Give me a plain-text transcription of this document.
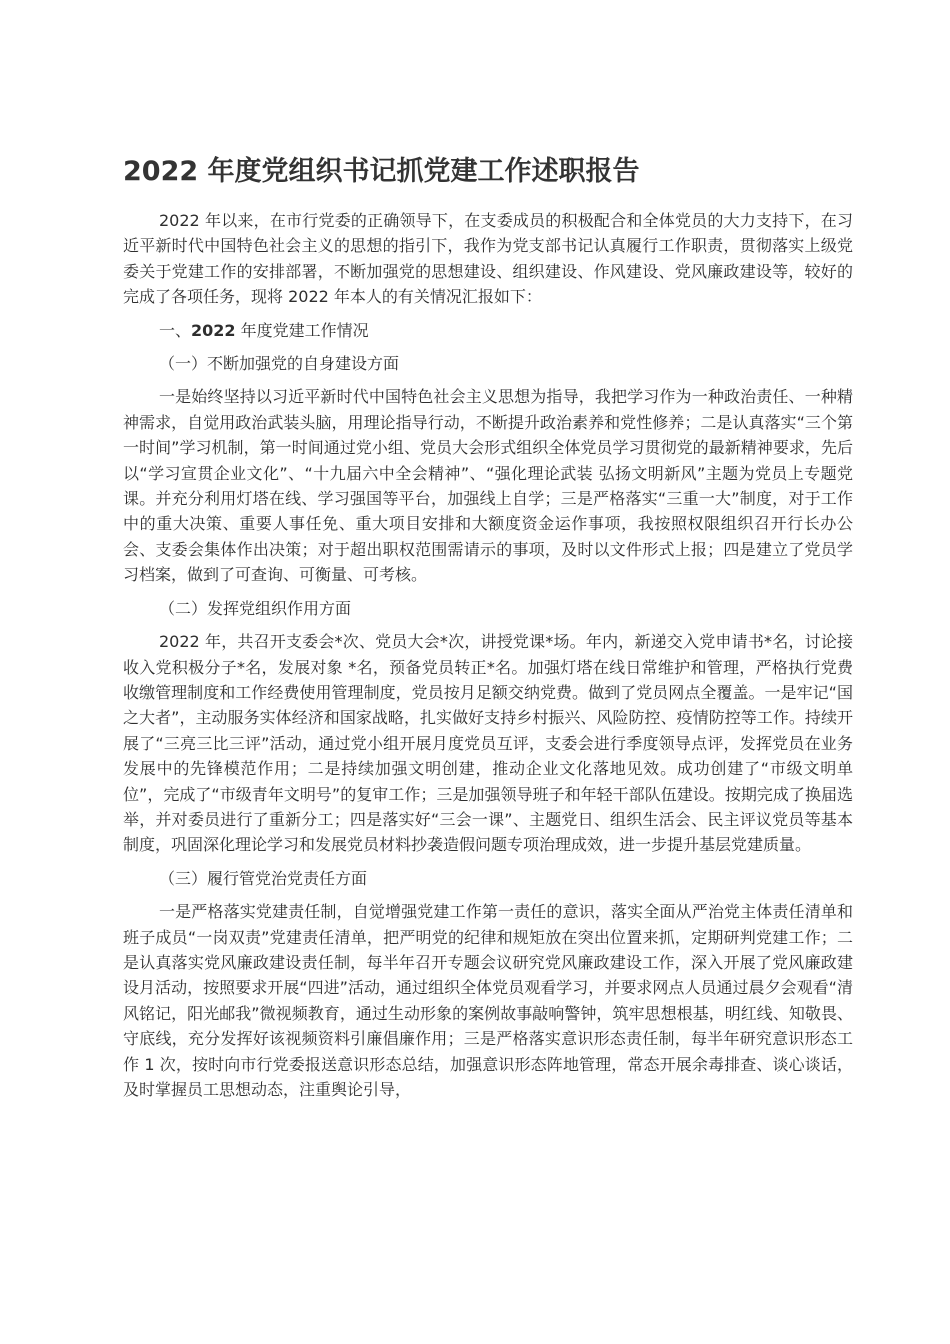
2022 年度党组织书记抓党建工作述职报告

2022 年以来，在市行党委的正确领导下，在支委成员的积极配合和全体党员的大力支持下，在习近平新时代中国特色社会主义的思想的指引下，我作为党支部书记认真履行工作职责，贯彻落实上级党委关于党建工作的安排部署，不断加强党的思想建设、组织建设、作风建设、党风廉政建设等，较好的完成了各项任务，现将 2022 年本人的有关情况汇报如下：

一、2022 年度党建工作情况

（一）不断加强党的自身建设方面

一是始终坚持以习近平新时代中国特色社会主义思想为指导，我把学习作为一种政治责任、一种精神需求，自觉用政治武装头脑，用理论指导行动，不断提升政治素养和党性修养；二是认真落实“三个第一时间”学习机制，第一时间通过党小组、党员大会形式组织全体党员学习贯彻党的最新精神要求，先后以“学习宣贯企业文化”、“十九届六中全会精神”、“强化理论武装 弘扬文明新风”主题为党员上专题党课。并充分利用灯塔在线、学习强国等平台，加强线上自学；三是严格落实“三重一大”制度，对于工作中的重大决策、重要人事任免、重大项目安排和大额度资金运作事项，我按照权限组织召开行长办公会、支委会集体作出决策；对于超出职权范围需请示的事项，及时以文件形式上报；四是建立了党员学习档案，做到了可查询、可衡量、可考核。

（二）发挥党组织作用方面

2022 年，共召开支委会*次、党员大会*次，讲授党课*场。年内，新递交入党申请书*名，讨论接收入党积极分子*名，发展对象 *名，预备党员转正*名。加强灯塔在线日常维护和管理，严格执行党费收缴管理制度和工作经费使用管理制度，党员按月足额交纳党费。做到了党员网点全覆盖。一是牢记“国之大者”，主动服务实体经济和国家战略，扎实做好支持乡村振兴、风险防控、疫情防控等工作。持续开展了“三亮三比三评”活动，通过党小组开展月度党员互评，支委会进行季度领导点评，发挥党员在业务发展中的先锋模范作用；二是持续加强文明创建，推动企业文化落地见效。成功创建了“市级文明单位”，完成了“市级青年文明号”的复审工作；三是加强领导班子和年轻干部队伍建设。按期完成了换届选举，并对委员进行了重新分工；四是落实好“三会一课”、主题党日、组织生活会、民主评议党员等基本制度，巩固深化理论学习和发展党员材料抄袭造假问题专项治理成效，进一步提升基层党建质量。

（三）履行管党治党责任方面

一是严格落实党建责任制，自觉增强党建工作第一责任的意识，落实全面从严治党主体责任清单和班子成员“一岗双责”党建责任清单，把严明党的纪律和规矩放在突出位置来抓，定期研判党建工作；二是认真落实党风廉政建设责任制，每半年召开专题会议研究党风廉政建设工作，深入开展了党风廉政建设月活动，按照要求开展“四进”活动，通过组织全体党员观看学习，并要求网点人员通过晨夕会观看“清风铭记，阳光邮我”微视频教育，通过生动形象的案例故事敲响警钟，筑牢思想根基，明红线、知敬畏、守底线，充分发挥好该视频资料引廉倡廉作用；三是严格落实意识形态责任制，每半年研究意识形态工作 1 次，按时向市行党委报送意识形态总结，加强意识形态阵地管理，常态开展余毒排查、谈心谈话，及时掌握员工思想动态，注重舆论引导，
